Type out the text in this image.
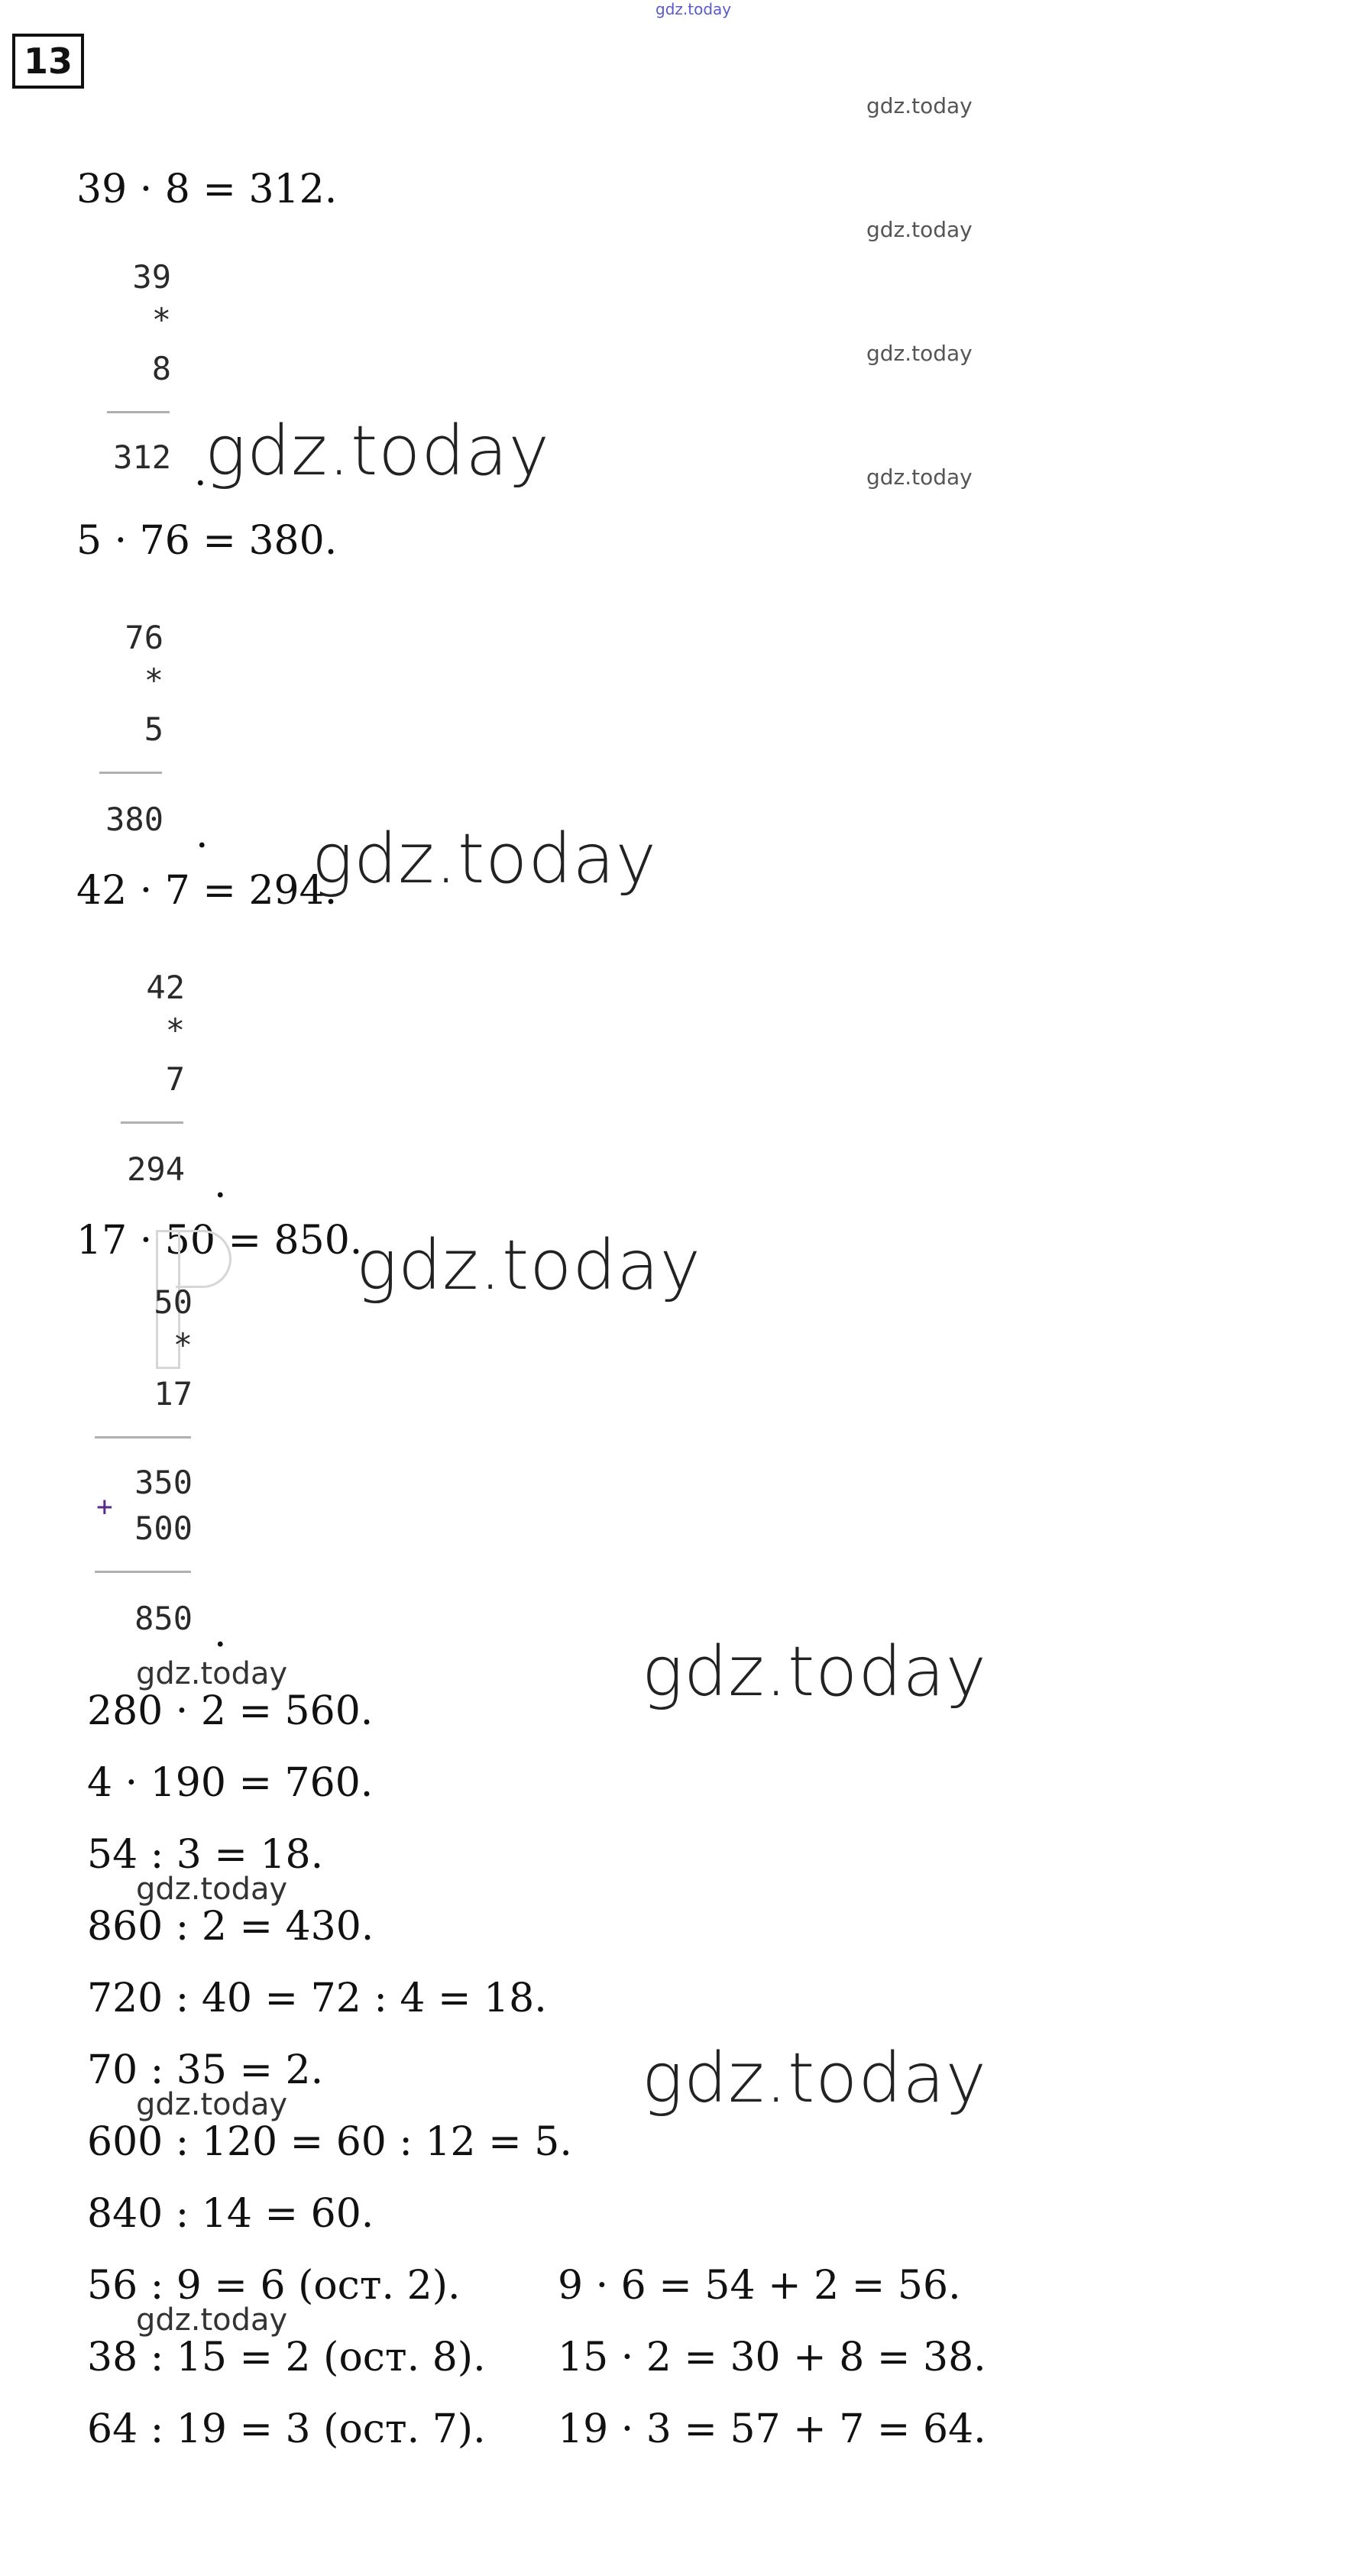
13
gdz.today
gdz.today
gdz.today
gdz.today
gdz.today
39 · 8 = 312.
39
*
8
312 .
gdz.today
5 · 76 = 380.
76
*
5
380 . gdz.today
42 · 7 = 294.
42
*
7
294 .
17 · 50 = 850.
gdz.today
50
*
17
+
350
500
850 .
gdz.today	gdz.today
280 · 2 = 560.
4 · 190 = 760.
54 : 3 = 18.
gdz.today
860 : 2 = 430.
720 : 40 = 72 : 4 = 18.
70 : 35 = 2.	gdz.today
gdz.today
600 : 120 = 60 : 12 = 5.
840 : 14 = 60.
56 : 9 = 6 (ост. 2). 9 · 6 = 54 + 2 = 56.
gdz.today
38 : 15 = 2 (ост. 8). 15 · 2 = 30 + 8 = 38.
64 : 19 = 3 (ост. 7). 19 · 3 = 57 + 7 = 64.
